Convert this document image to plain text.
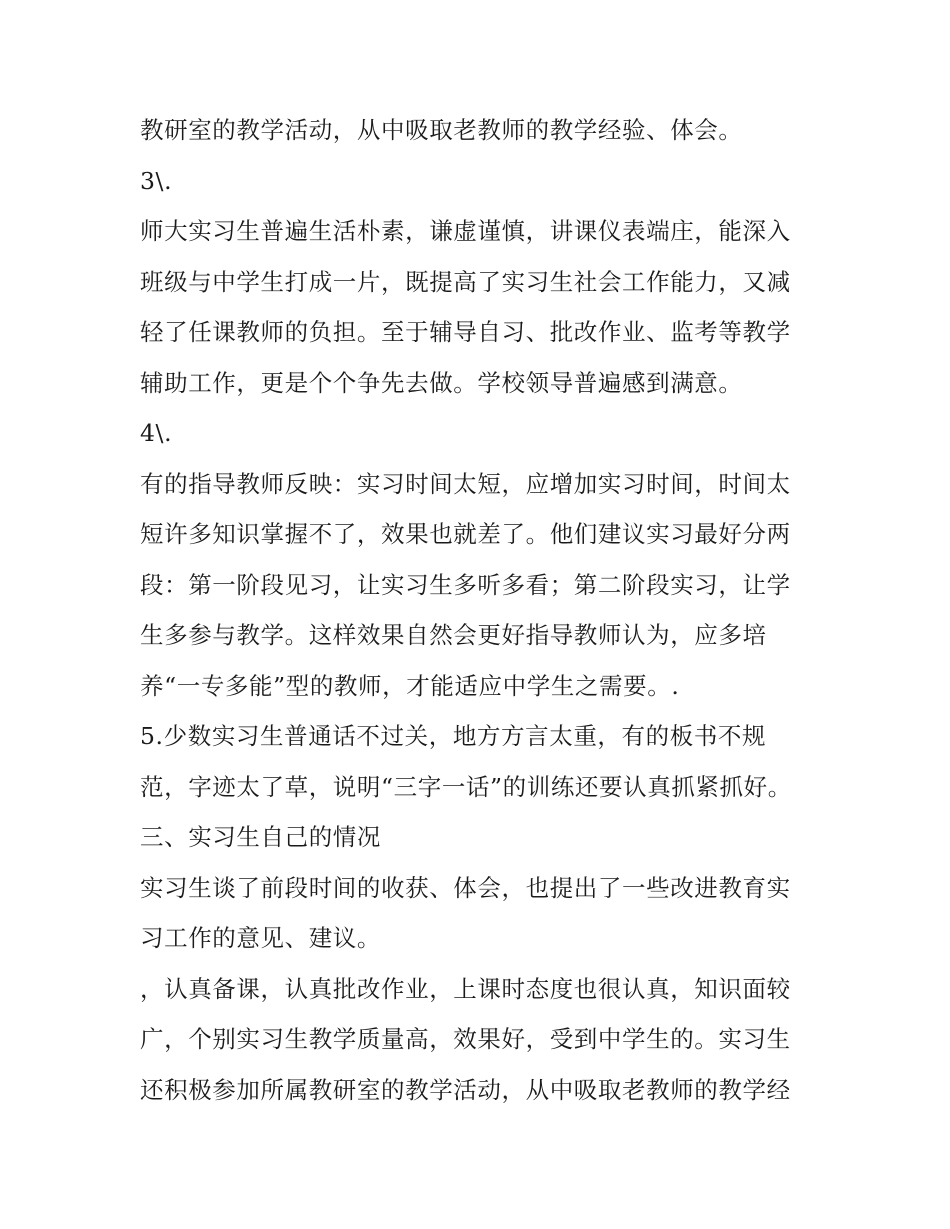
教研室的教学活动，从中吸取老教师的教学经验、体会。
3\.
师大实习生普遍生活朴素，谦虚谨慎，讲课仪表端庄，能深入
班级与中学生打成一片，既提高了实习生社会工作能力，又减
轻了任课教师的负担。至于辅导自习、批改作业、监考等教学
辅助工作，更是个个争先去做。学校领导普遍感到满意。
4\.
有的指导教师反映：实习时间太短，应增加实习时间，时间太
短许多知识掌握不了，效果也就差了。他们建议实习最好分两
段：第一阶段见习，让实习生多听多看；第二阶段实习，让学
生多参与教学。这样效果自然会更好指导教师认为，应多培
养“一专多能”型的教师，才能适应中学生之需要。.
5.少数实习生普通话不过关，地方方言太重，有的板书不规
范，字迹太了草，说明“三字一话”的训练还要认真抓紧抓好。
三、实习生自己的情况
实习生谈了前段时间的收获、体会，也提出了一些改进教育实
习工作的意见、建议。
，认真备课，认真批改作业，上课时态度也很认真，知识面较
广，个别实习生教学质量高，效果好，受到中学生的。实习生
还积极参加所属教研室的教学活动，从中吸取老教师的教学经
